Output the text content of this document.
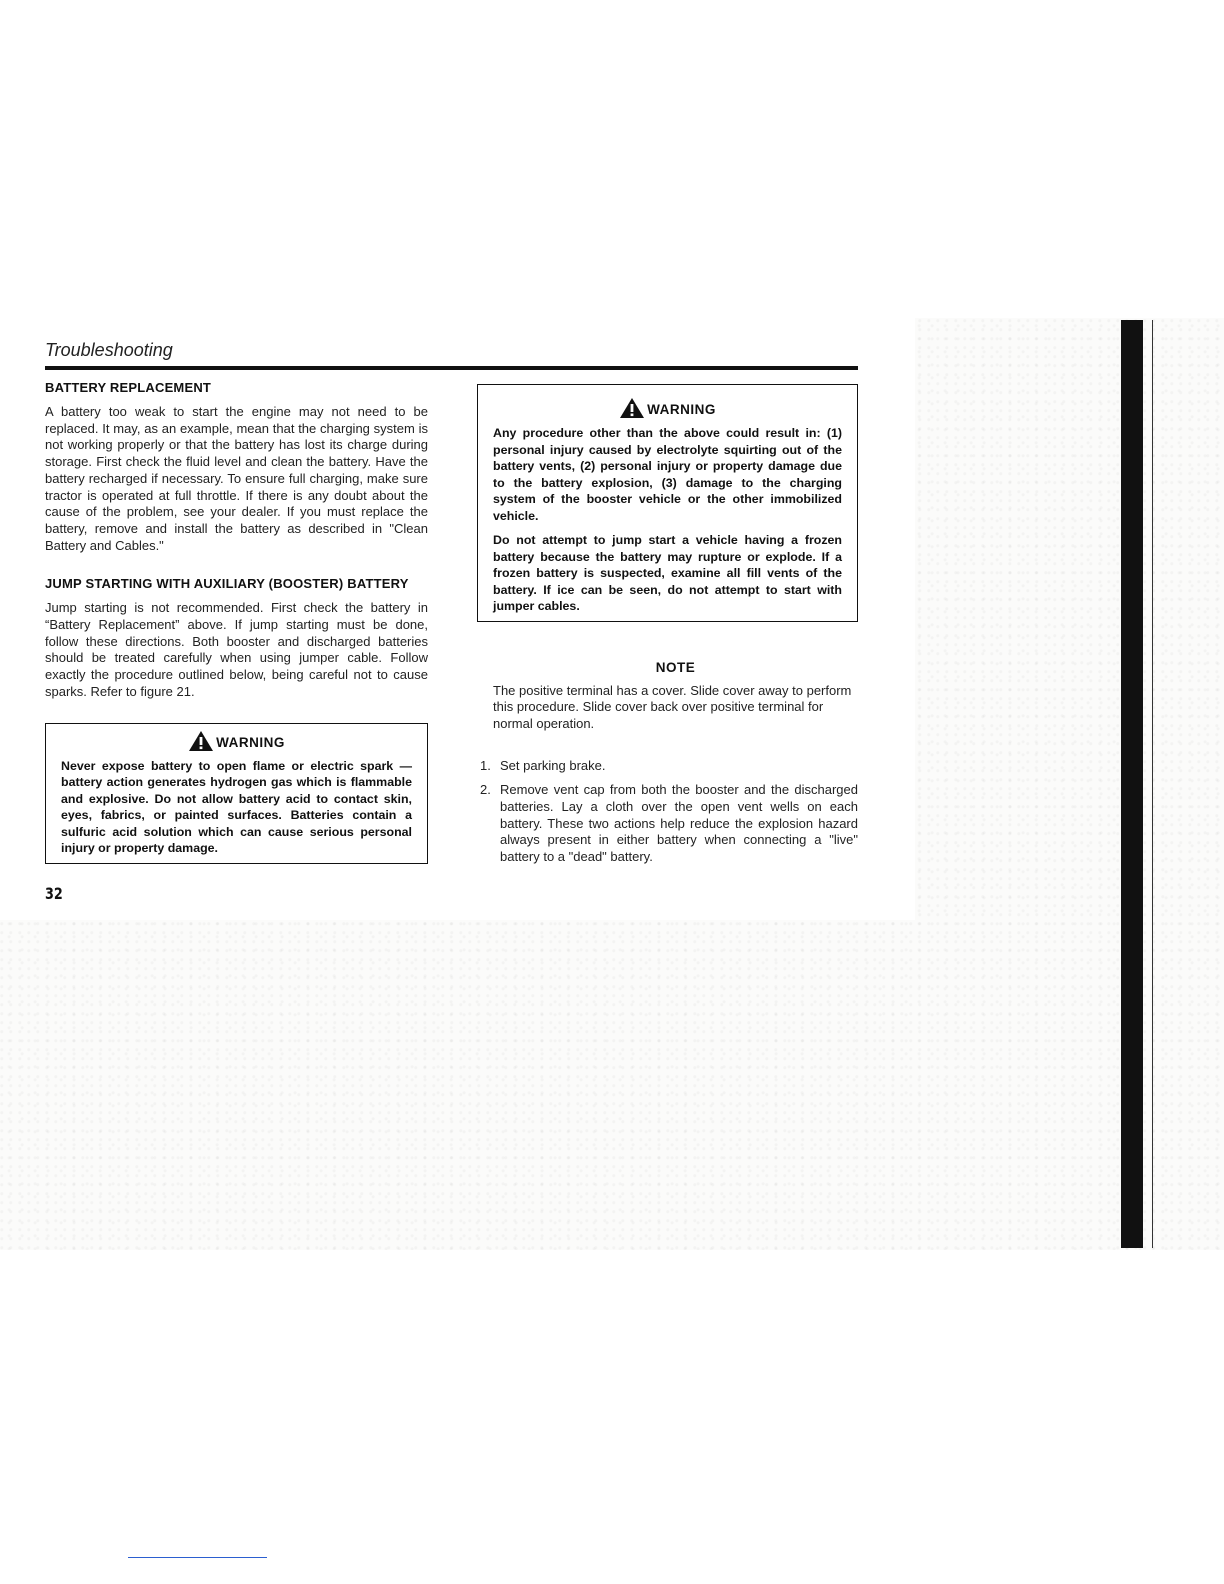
Troubleshooting
BATTERY REPLACEMENT

A battery too weak to start the engine may not need to be replaced. It may, as an example, mean that the charging system is not working properly or that the battery has lost its charge during storage. First check the fluid level and clean the battery. Have the battery recharged if necessary. To ensure full charging, make sure tractor is operated at full throttle. If there is any doubt about the cause of the problem, see your dealer. If you must replace the battery, remove and install the battery as described in "Clean Battery and Cables."

JUMP STARTING WITH AUXILIARY (BOOSTER) BATTERY

Jump starting is not recommended. First check the battery in “Battery Replacement” above. If jump starting must be done, follow these directions. Both booster and discharged batteries should be treated carefully when using jumper cable. Follow exactly the procedure outlined below, being careful not to cause sparks. Refer to figure 21.

WARNING

Never expose battery to open flame or electric spark — battery action generates hydrogen gas which is flammable and explosive. Do not allow battery acid to contact skin, eyes, fabrics, or painted surfaces. Batteries contain a sulfuric acid solution which can cause serious personal injury or property damage.

32
WARNING

Any procedure other than the above could result in: (1) personal injury caused by electrolyte squirting out of the battery vents, (2) personal injury or property damage due to the battery explosion, (3) damage to the charging system of the booster vehicle or the other immobilized vehicle.

Do not attempt to jump start a vehicle having a frozen battery because the battery may rupture or explode. If a frozen battery is suspected, examine all fill vents of the battery. If ice can be seen, do not attempt to start with jumper cables.

NOTE

The positive terminal has a cover. Slide cover away to perform this procedure. Slide cover back over positive terminal for normal operation.

1. Set parking brake.
2. Remove vent cap from both the booster and the discharged batteries. Lay a cloth over the open vent wells on each battery. These two actions help reduce the explosion hazard always present in either battery when connecting a "live" battery to a "dead" battery.
